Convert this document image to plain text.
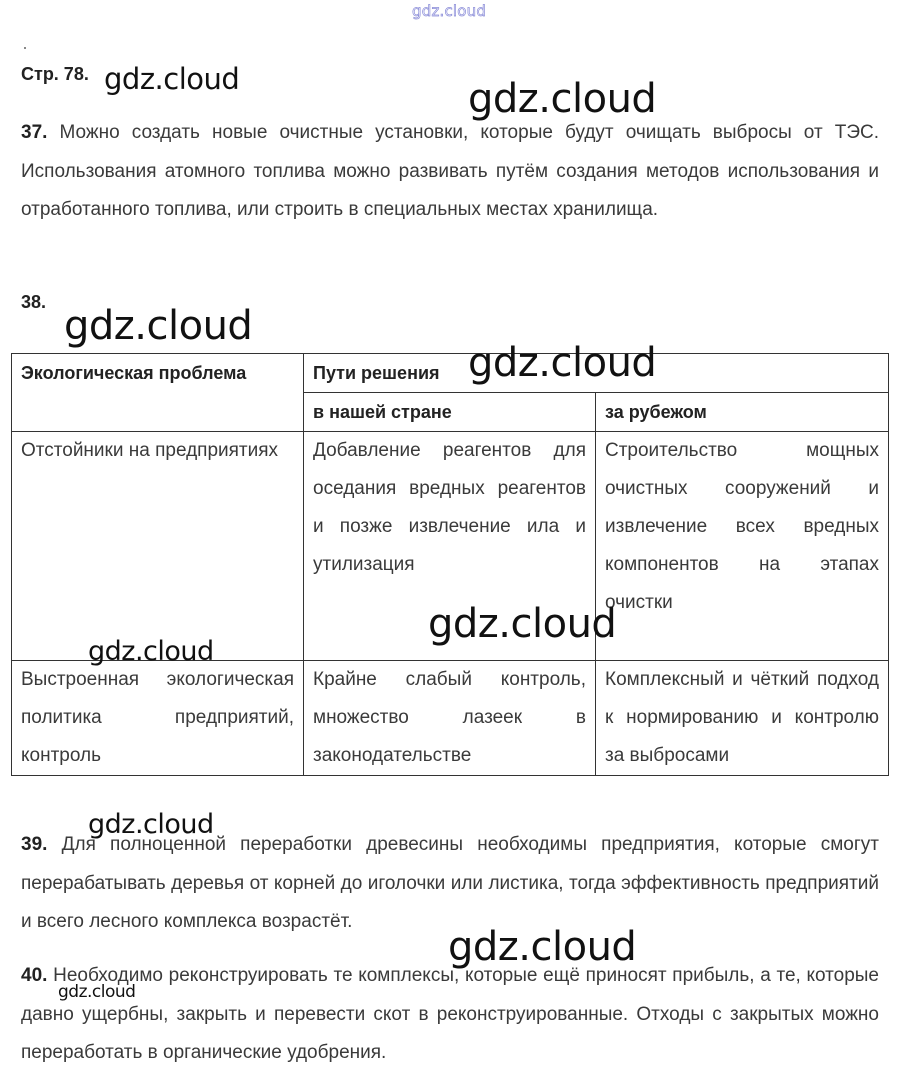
gdz.cloud
Стр. 78.
37. Можно создать новые очистные установки, которые будут очищать выбросы от ТЭС. Использования атомного топлива можно развивать путём создания методов использования и отработанного топлива, или строить в специальных местах хранилища.
38.
Экологическая проблема	Пути решения	
	в нашей стране	за рубежом
Отстойники на предприятиях	Добавление реагентов для оседания вредных реагентов и позже извлечение ила и утилизация	Строительство мощных очистных сооружений и извлечение всех вредных компонентов на этапах очистки
Выстроенная экологическая политика предприятий, контроль	Крайне слабый контроль, множество лазеек в законодательстве	Комплексный и чёткий подход к нормированию и контролю за выбросами
39. Для полноценной переработки древесины необходимы предприятия, которые смогут перерабатывать деревья от корней до иголочки или листика, тогда эффективность предприятий и всего лесного комплекса возрастёт.
40. Необходимо реконструировать те комплексы, которые ещё приносят прибыль, а те, которые давно ущербны, закрыть и перевести скот в реконструированные. Отходы с закрытых можно переработать в органические удобрения.
gdz.cloud	gdz.cloud
gdz.cloud
gdz.cloud
gdz.cloud
gdz.cloud
gdz.cloud
gdz.cloud
gdz.cloud
